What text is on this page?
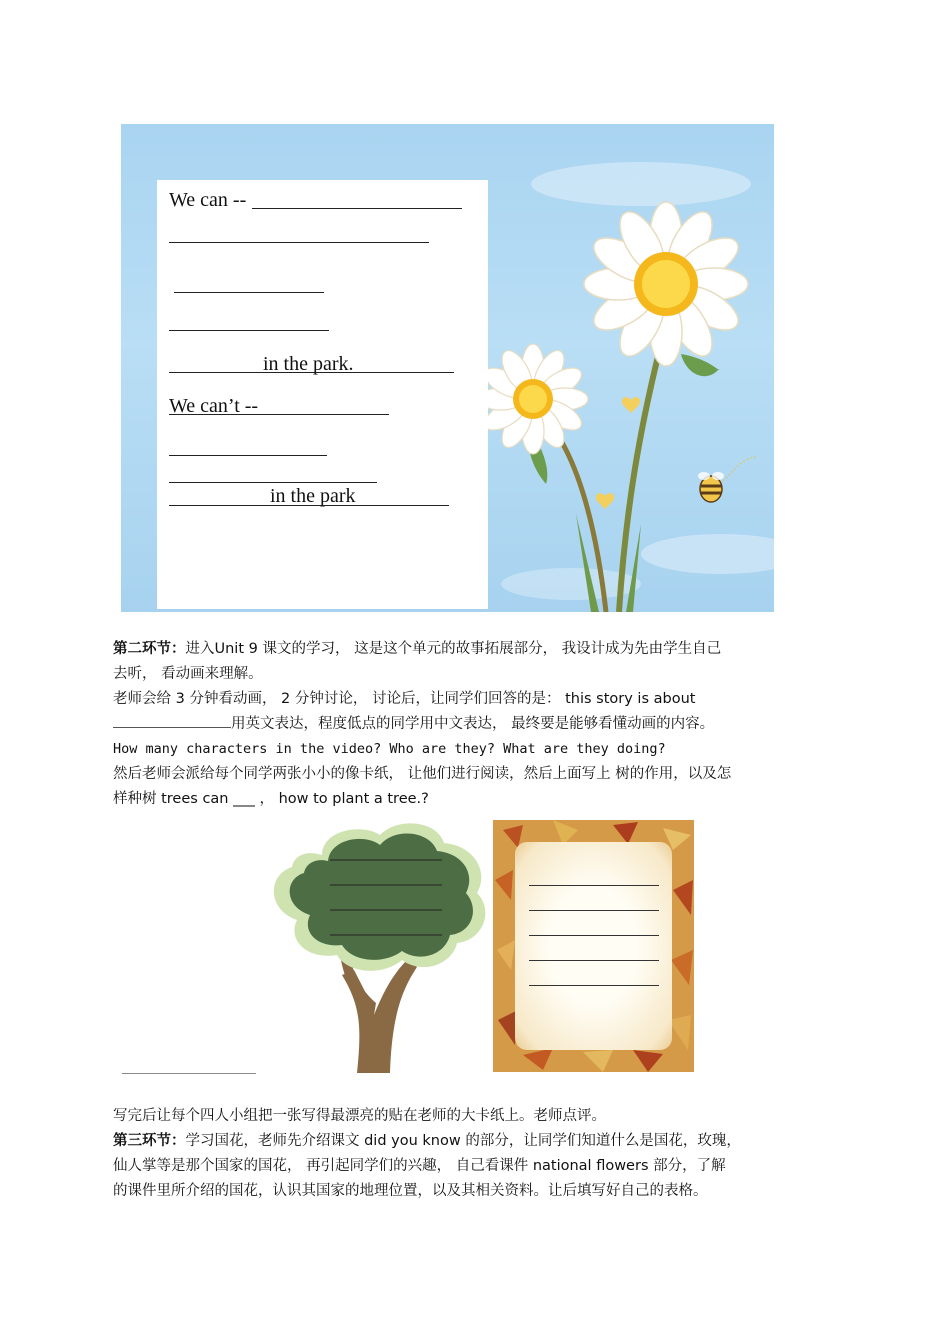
We can --
in the park.
We can’t --
in the park
第二环节：进入Unit 9 课文的学习， 这是这个单元的故事拓展部分， 我设计成为先由学生自己
去听， 看动画来理解。
老师会给 3 分钟看动画， 2 分钟讨论， 讨论后，让同学们回答的是： this story is about
用英文表达，程度低点的同学用中文表达， 最终要是能够看懂动画的内容。
How many characters in the video? Who are they? What are they doing?
然后老师会派给每个同学两张小小的像卡纸， 让他们进行阅读，然后上面写上 树的作用，以及怎
样种树 trees can ___ ， how to plant a tree.?
写完后让每个四人小组把一张写得最漂亮的贴在老师的大卡纸上。老师点评。
第三环节：学习国花，老师先介绍课文 did you know 的部分，让同学们知道什么是国花，玫瑰，
仙人掌等是那个国家的国花， 再引起同学们的兴趣， 自己看课件 national flowers 部分，了解
的课件里所介绍的国花，认识其国家的地理位置，以及其相关资料。让后填写好自己的表格。
